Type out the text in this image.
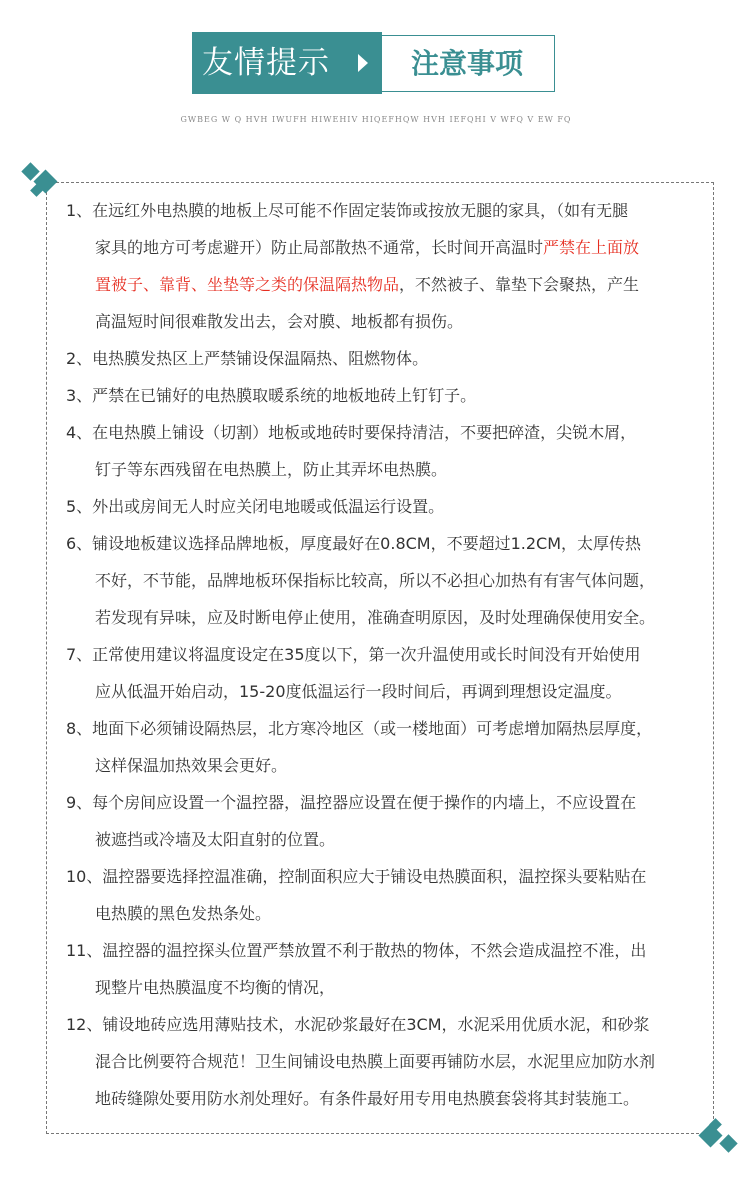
友情提示	注意事项
GWBEG W Q HVH IWUFH HIWEHIV HIQEFHQW HVH IEFQHI V WFQ V EW FQ
1、在远红外电热膜的地板上尽可能不作固定装饰或按放无腿的家具，（如有无腿
家具的地方可考虑避开）防止局部散热不通常，长时间开高温时严禁在上面放
置被子、靠背、坐垫等之类的保温隔热物品，不然被子、靠垫下会聚热，产生
高温短时间很难散发出去，会对膜、地板都有损伤。
2、电热膜发热区上严禁铺设保温隔热、阻燃物体。
3、严禁在已铺好的电热膜取暖系统的地板地砖上钉钉子。
4、在电热膜上铺设（切割）地板或地砖时要保持清洁，不要把碎渣，尖锐木屑，
钉子等东西残留在电热膜上，防止其弄坏电热膜。
5、外出或房间无人时应关闭电地暖或低温运行设置。
6、铺设地板建议选择品牌地板，厚度最好在0.8CM，不要超过1.2CM，太厚传热
不好，不节能，品牌地板环保指标比较高，所以不必担心加热有有害气体问题，
若发现有异味，应及时断电停止使用，准确查明原因，及时处理确保使用安全。
7、正常使用建议将温度设定在35度以下，第一次升温使用或长时间没有开始使用
应从低温开始启动，15-20度低温运行一段时间后，再调到理想设定温度。
8、地面下必须铺设隔热层，北方寒冷地区（或一楼地面）可考虑增加隔热层厚度，
这样保温加热效果会更好。
9、每个房间应设置一个温控器，温控器应设置在便于操作的内墙上，不应设置在
被遮挡或冷墙及太阳直射的位置。
10、温控器要选择控温准确，控制面积应大于铺设电热膜面积，温控探头要粘贴在
电热膜的黑色发热条处。
11、温控器的温控探头位置严禁放置不利于散热的物体，不然会造成温控不准，出
现整片电热膜温度不均衡的情况，
12、铺设地砖应选用薄贴技术，水泥砂浆最好在3CM，水泥采用优质水泥，和砂浆
混合比例要符合规范！卫生间铺设电热膜上面要再铺防水层，水泥里应加防水剂
地砖缝隙处要用防水剂处理好。有条件最好用专用电热膜套袋将其封装施工。
